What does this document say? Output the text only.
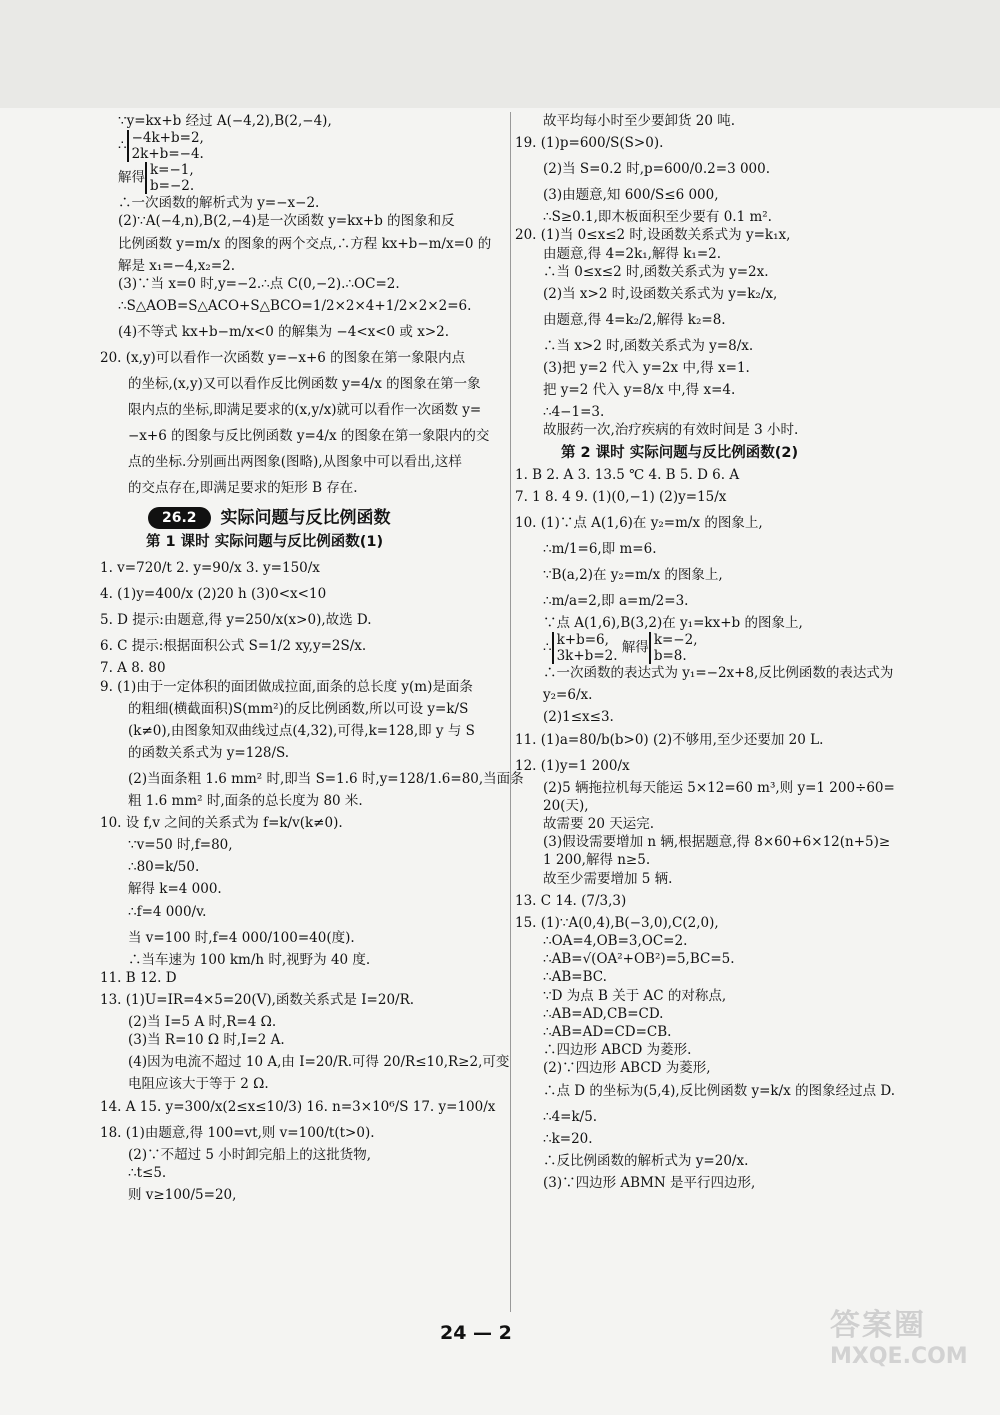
∵y=kx+b 经过 A(−4,2),B(2,−4),
∴ −4k+b=2,
2k+b=−4.
解得 k=−1,
b=−2.
∴一次函数的解析式为 y=−x−2.
(2)∵A(−4,n),B(2,−4)是一次函数 y=kx+b 的图象和反
比例函数 y=m/x 的图象的两个交点,∴方程 kx+b−m/x=0 的
解是 x₁=−4,x₂=2.
(3)∵当 x=0 时,y=−2.∴点 C(0,−2).∴OC=2.
∴S△AOB=S△ACO+S△BCO=1/2×2×4+1/2×2×2=6.
(4)不等式 kx+b−m/x<0 的解集为 −4<x<0 或 x>2.
20. (x,y)可以看作一次函数 y=−x+6 的图象在第一象限内点
的坐标,(x,y)又可以看作反比例函数 y=4/x 的图象在第一象
限内点的坐标,即满足要求的(x,y/x)就可以看作一次函数 y=
−x+6 的图象与反比例函数 y=4/x 的图象在第一象限内的交
点的坐标.分别画出两图象(图略),从图象中可以看出,这样
的交点存在,即满足要求的矩形 B 存在.
26.2	实际问题与反比例函数
第 1 课时 实际问题与反比例函数(1)
1. v=720/t 2. y=90/x 3. y=150/x
4. (1)y=400/x (2)20 h (3)0<x<10
5. D 提示:由题意,得 y=250/x(x>0),故选 D.
6. C 提示:根据面积公式 S=1/2 xy,y=2S/x.
7. A 8. 80
9. (1)由于一定体积的面团做成拉面,面条的总长度 y(m)是面条
的粗细(横截面积)S(mm²)的反比例函数,所以可设 y=k/S
(k≠0),由图象知双曲线过点(4,32),可得,k=128,即 y 与 S
的函数关系式为 y=128/S.
(2)当面条粗 1.6 mm² 时,即当 S=1.6 时,y=128/1.6=80,当面条
粗 1.6 mm² 时,面条的总长度为 80 米.
10. 设 f,v 之间的关系式为 f=k/v(k≠0).
∵v=50 时,f=80,
∴80=k/50.
解得 k=4 000.
∴f=4 000/v.
当 v=100 时,f=4 000/100=40(度).
∴当车速为 100 km/h 时,视野为 40 度.
11. B 12. D
13. (1)U=IR=4×5=20(V),函数关系式是 I=20/R.
(2)当 I=5 A 时,R=4 Ω.
(3)当 R=10 Ω 时,I=2 A.
(4)因为电流不超过 10 A,由 I=20/R.可得 20/R≤10,R≥2,可变
电阻应该大于等于 2 Ω.
14. A 15. y=300/x(2≤x≤10/3) 16. n=3×10⁶/S 17. y=100/x
18. (1)由题意,得 100=vt,则 v=100/t(t>0).
(2)∵不超过 5 小时卸完船上的这批货物,
∴t≤5.
则 v≥100/5=20,
故平均每小时至少要卸货 20 吨.
19. (1)p=600/S(S>0).
(2)当 S=0.2 时,p=600/0.2=3 000.
(3)由题意,知 600/S≤6 000,
∴S≥0.1,即木板面积至少要有 0.1 m².
20. (1)当 0≤x≤2 时,设函数关系式为 y=k₁x,
由题意,得 4=2k₁,解得 k₁=2.
∴当 0≤x≤2 时,函数关系式为 y=2x.
(2)当 x>2 时,设函数关系式为 y=k₂/x,
由题意,得 4=k₂/2,解得 k₂=8.
∴当 x>2 时,函数关系式为 y=8/x.
(3)把 y=2 代入 y=2x 中,得 x=1.
把 y=2 代入 y=8/x 中,得 x=4.
∴4−1=3.
故服药一次,治疗疾病的有效时间是 3 小时.
第 2 课时 实际问题与反比例函数(2)
1. B 2. A 3. 13.5 ℃ 4. B 5. D 6. A
7. 1 8. 4 9. (1)(0,−1) (2)y=15/x
10. (1)∵点 A(1,6)在 y₂=m/x 的图象上,
∴m/1=6,即 m=6.
∵B(a,2)在 y₂=m/x 的图象上,
∴m/a=2,即 a=m/2=3.
∵点 A(1,6),B(3,2)在 y₁=kx+b 的图象上,
∴ k+b=6,
3k+b=2.
解得 k=−2,
b=8.
∴一次函数的表达式为 y₁=−2x+8,反比例函数的表达式为
y₂=6/x.
(2)1≤x≤3.
11. (1)a=80/b(b>0) (2)不够用,至少还要加 20 L.
12. (1)y=1 200/x
(2)5 辆拖拉机每天能运 5×12=60 m³,则 y=1 200÷60=
20(天),
故需要 20 天运完.
(3)假设需要增加 n 辆,根据题意,得 8×60+6×12(n+5)≥
1 200,解得 n≥5.
故至少需要增加 5 辆.
13. C 14. (7/3,3)
15. (1)∵A(0,4),B(−3,0),C(2,0),
∴OA=4,OB=3,OC=2.
∴AB=√(OA²+OB²)=5,BC=5.
∴AB=BC.
∵D 为点 B 关于 AC 的对称点,
∴AB=AD,CB=CD.
∴AB=AD=CD=CB.
∴四边形 ABCD 为菱形.
(2)∵四边形 ABCD 为菱形,
∴点 D 的坐标为(5,4),反比例函数 y=k/x 的图象经过点 D.
∴4=k/5.
∴k=20.
∴反比例函数的解析式为 y=20/x.
(3)∵四边形 ABMN 是平行四边形,
24 — 2	答案圈
MXQE.COM
